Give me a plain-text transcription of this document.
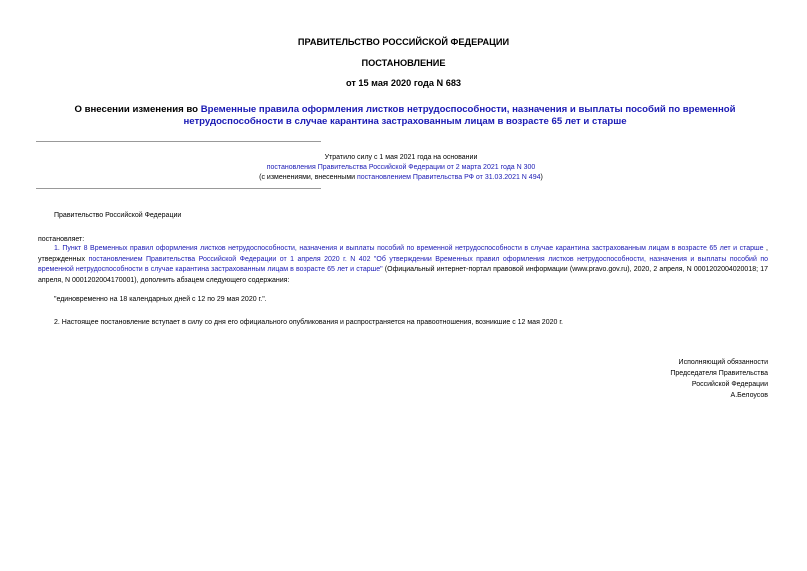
ПРАВИТЕЛЬСТВО РОССИЙСКОЙ ФЕДЕРАЦИИ
ПОСТАНОВЛЕНИЕ
от 15 мая 2020 года N 683
О внесении изменения во Временные правила оформления листков нетрудоспособности, назначения и выплаты пособий по временной нетрудоспособности в случае карантина застрахованным лицам в возрасте 65 лет и старше
Утратило силу с 1 мая 2021 года на основании
постановления Правительства Российской Федерации от 2 марта 2021 года N 300
(с изменениями, внесенными постановлением Правительства РФ от 31.03.2021 N 494)
Правительство Российской Федерации
постановляет:
1. Пункт 8 Временных правил оформления листков нетрудоспособности, назначения и выплаты пособий по временной нетрудоспособности в случае карантина застрахованным лицам в возрасте 65 лет и старше , утвержденных постановлением Правительства Российской Федерации от 1 апреля 2020 г. N 402 "Об утверждении Временных правил оформления листков нетрудоспособности, назначения и выплаты пособий по временной нетрудоспособности в случае карантина застрахованным лицам в возрасте 65 лет и старше" (Официальный интернет-портал правовой информации (www.pravo.gov.ru), 2020, 2 апреля, N 0001202004020018; 17 апреля, N 0001202004170001), дополнить абзацем следующего содержания:
"единовременно на 18 календарных дней с 12 по 29 мая 2020 г.".
2. Настоящее постановление вступает в силу со дня его официального опубликования и распространяется на правоотношения, возникшие с 12 мая 2020 г.
Исполняющий обязанности
Председателя Правительства
Российской Федерации
А.Белоусов
